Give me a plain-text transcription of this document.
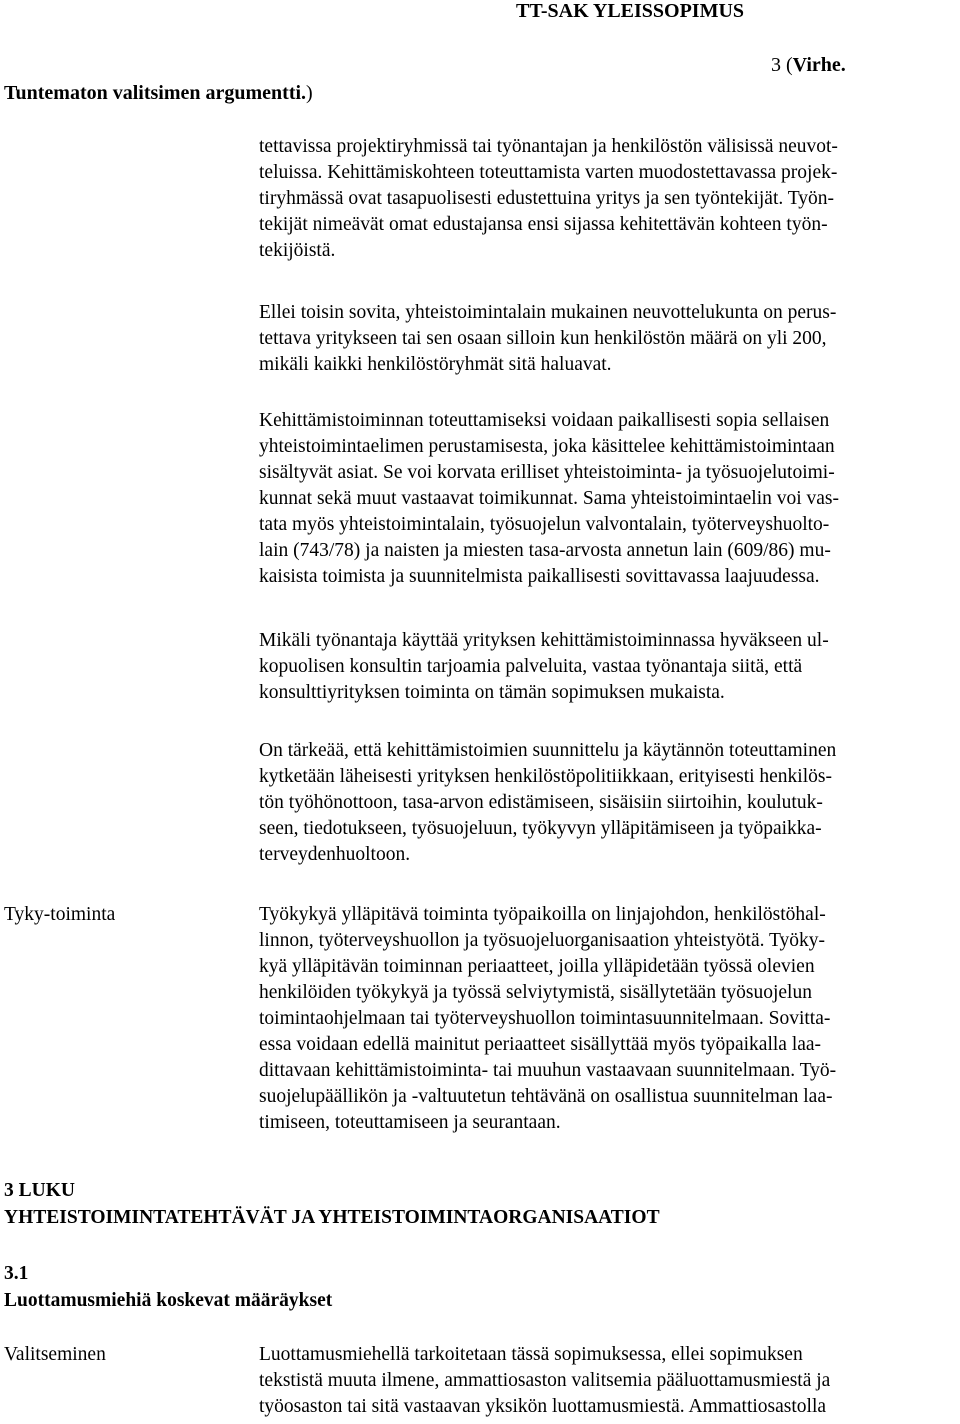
TT-SAK YLEISSOPIMUS
3 (Virhe.
Tuntematon valitsimen argumentti.)
tettavissa projektiryhmissä tai työnantajan ja henkilöstön välisissä neuvot-
teluissa. Kehittämiskohteen toteuttamista varten muodostettavassa projek-
tiryhmässä ovat tasapuolisesti edustettuina yritys ja sen työntekijät. Työn-
tekijät nimeävät omat edustajansa ensi sijassa kehitettävän kohteen työn-
tekijöistä.
Ellei toisin sovita, yhteistoimintalain mukainen neuvottelukunta on perus-
tettava yritykseen tai sen osaan silloin kun henkilöstön määrä on yli 200,
mikäli kaikki henkilöstöryhmät sitä haluavat.
Kehittämistoiminnan toteuttamiseksi voidaan paikallisesti sopia sellaisen
yhteistoimintaelimen perustamisesta, joka käsittelee kehittämistoimintaan
sisältyvät asiat. Se voi korvata erilliset yhteistoiminta- ja työsuojelutoimi-
kunnat sekä muut vastaavat toimikunnat. Sama yhteistoimintaelin voi vas-
tata myös yhteistoimintalain, työsuojelun valvontalain, työterveyshuolto-
lain (743/78) ja naisten ja miesten tasa-arvosta annetun lain (609/86) mu-
kaisista toimista ja suunnitelmista paikallisesti sovittavassa laajuudessa.
Mikäli työnantaja käyttää yrityksen kehittämistoiminnassa hyväkseen ul-
kopuolisen konsultin tarjoamia palveluita, vastaa työnantaja siitä, että
konsulttiyrityksen toiminta on tämän sopimuksen mukaista.
On tärkeää, että kehittämistoimien suunnittelu ja käytännön toteuttaminen
kytketään läheisesti yrityksen henkilöstöpolitiikkaan, erityisesti henkilös-
tön työhönottoon, tasa-arvon edistämiseen, sisäisiin siirtoihin, koulutuk-
seen, tiedotukseen, työsuojeluun, työkyvyn ylläpitämiseen ja työpaikka-
terveydenhuoltoon.
Tyky-toiminta	Työkykyä ylläpitävä toiminta työpaikoilla on linjajohdon, henkilöstöhal-
linnon, työterveyshuollon ja työsuojeluorganisaation yhteistyötä. Työky-
kyä ylläpitävän toiminnan periaatteet, joilla ylläpidetään työssä olevien
henkilöiden työkykyä ja työssä selviytymistä, sisällytetään työsuojelun
toimintaohjelmaan tai työterveyshuollon toimintasuunnitelmaan. Sovitta-
essa voidaan edellä mainitut periaatteet sisällyttää myös työpaikalla laa-
dittavaan kehittämistoiminta- tai muuhun vastaavaan suunnitelmaan. Työ-
suojelupäällikön ja -valtuutetun tehtävänä on osallistua suunnitelman laa-
timiseen, toteuttamiseen ja seurantaan.
3 LUKU
YHTEISTOIMINTATEHTÄVÄT JA YHTEISTOIMINTAORGANISAATIOT
3.1
Luottamusmiehiä koskevat määräykset
Valitseminen	Luottamusmiehellä tarkoitetaan tässä sopimuksessa, ellei sopimuksen
tekstistä muuta ilmene, ammattiosaston valitsemia pääluottamusmiestä ja
työosaston tai sitä vastaavan yksikön luottamusmiestä. Ammattiosastolla
